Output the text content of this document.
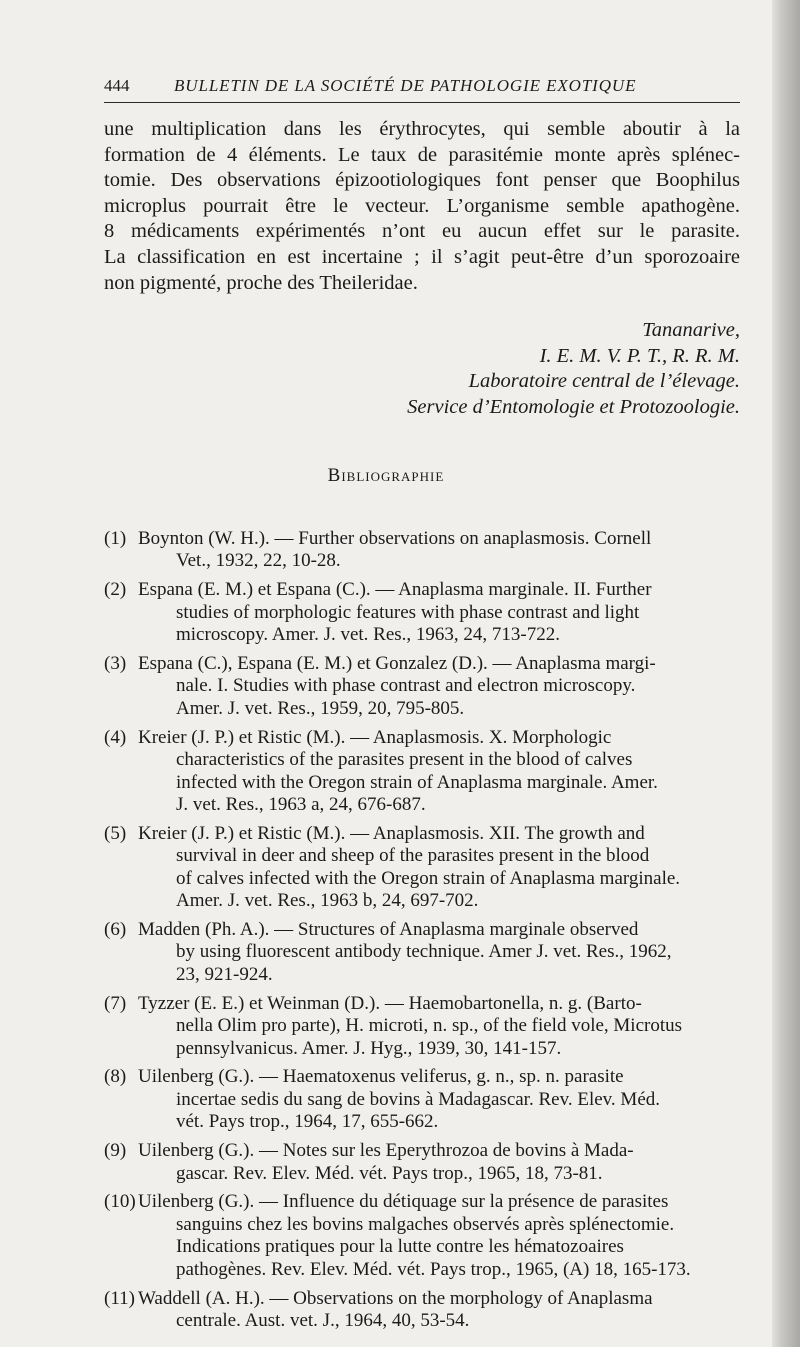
444	BULLETIN DE LA SOCIÉTÉ DE PATHOLOGIE EXOTIQUE
une multiplication dans les érythrocytes, qui semble aboutir à la
formation de 4 éléments. Le taux de parasitémie monte après splénec-
tomie. Des observations épizootiologiques font penser que Boophilus
microplus pourrait être le vecteur. L’organisme semble apathogène.
8 médicaments expérimentés n’ont eu aucun effet sur le parasite.
La classification en est incertaine ; il s’agit peut-être d’un sporozoaire
non pigmenté, proche des Theileridae.
Tananarive,
I. E. M. V. P. T., R. R. M.
Laboratoire central de l’élevage.
Service d’Entomologie et Protozoologie.
Bibliographie
(1) Boynton (W. H.). — Further observations on anaplasmosis. Cornell
Vet., 1932, 22, 10-28.
(2) Espana (E. M.) et Espana (C.). — Anaplasma marginale. II. Further
studies of morphologic features with phase contrast and light
microscopy. Amer. J. vet. Res., 1963, 24, 713-722.
(3) Espana (C.), Espana (E. M.) et Gonzalez (D.). — Anaplasma margi-
nale. I. Studies with phase contrast and electron microscopy.
Amer. J. vet. Res., 1959, 20, 795-805.
(4) Kreier (J. P.) et Ristic (M.). — Anaplasmosis. X. Morphologic
characteristics of the parasites present in the blood of calves
infected with the Oregon strain of Anaplasma marginale. Amer.
J. vet. Res., 1963 a, 24, 676-687.
(5) Kreier (J. P.) et Ristic (M.). — Anaplasmosis. XII. The growth and
survival in deer and sheep of the parasites present in the blood
of calves infected with the Oregon strain of Anaplasma marginale.
Amer. J. vet. Res., 1963 b, 24, 697-702.
(6) Madden (Ph. A.). — Structures of Anaplasma marginale observed
by using fluorescent antibody technique. Amer J. vet. Res., 1962,
23, 921-924.
(7) Tyzzer (E. E.) et Weinman (D.). — Haemobartonella, n. g. (Barto-
nella Olim pro parte), H. microti, n. sp., of the field vole, Microtus
pennsylvanicus. Amer. J. Hyg., 1939, 30, 141-157.
(8) Uilenberg (G.). — Haematoxenus veliferus, g. n., sp. n. parasite
incertae sedis du sang de bovins à Madagascar. Rev. Elev. Méd.
vét. Pays trop., 1964, 17, 655-662.
(9) Uilenberg (G.). — Notes sur les Eperythrozoa de bovins à Mada-
gascar. Rev. Elev. Méd. vét. Pays trop., 1965, 18, 73-81.
(10) Uilenberg (G.). — Influence du détiquage sur la présence de parasites
sanguins chez les bovins malgaches observés après splénectomie.
Indications pratiques pour la lutte contre les hématozoaires
pathogènes. Rev. Elev. Méd. vét. Pays trop., 1965, (A) 18, 165-173.
(11) Waddell (A. H.). — Observations on the morphology of Anaplasma
centrale. Aust. vet. J., 1964, 40, 53-54.
